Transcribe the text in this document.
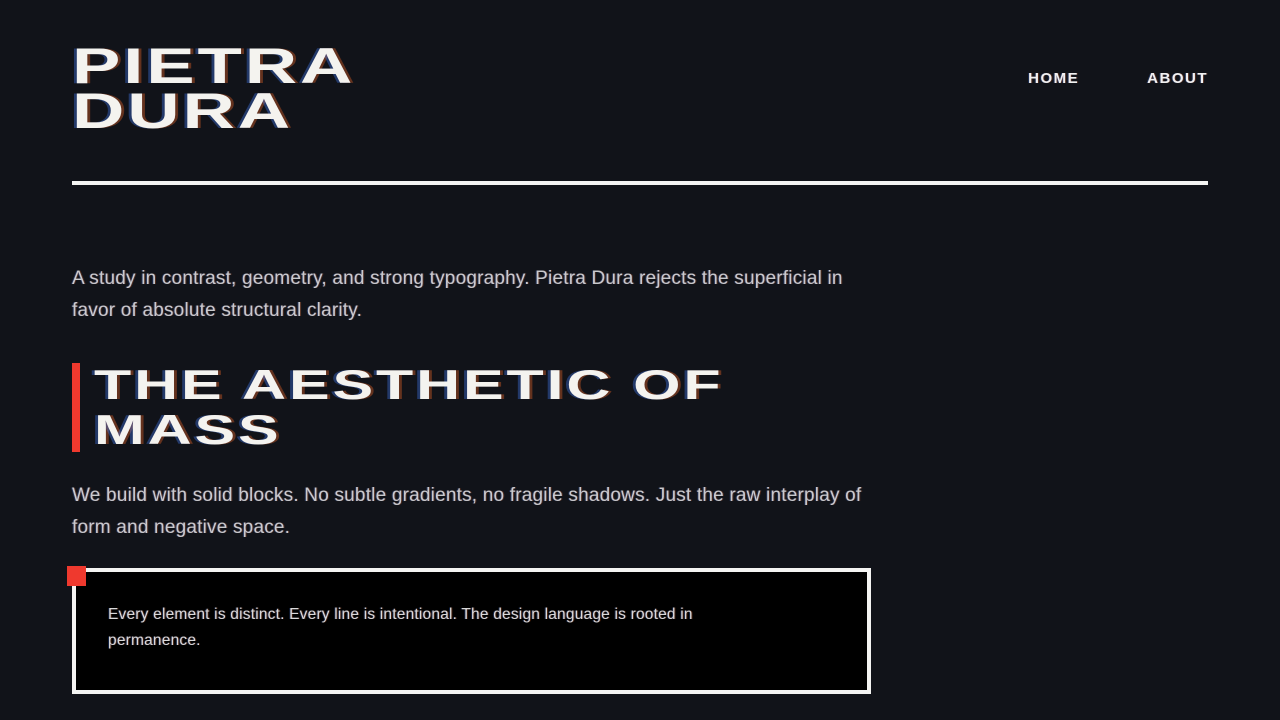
PIETRA DURA
HOME	ABOUT

A study in contrast, geometry, and strong typography. Pietra Dura rejects the superficial in favor of absolute structural clarity.

THE AESTHETIC OF MASS

We build with solid blocks. No subtle gradients, no fragile shadows. Just the raw interplay of form and negative space.

Every element is distinct. Every line is intentional. The design language is rooted in permanence.
